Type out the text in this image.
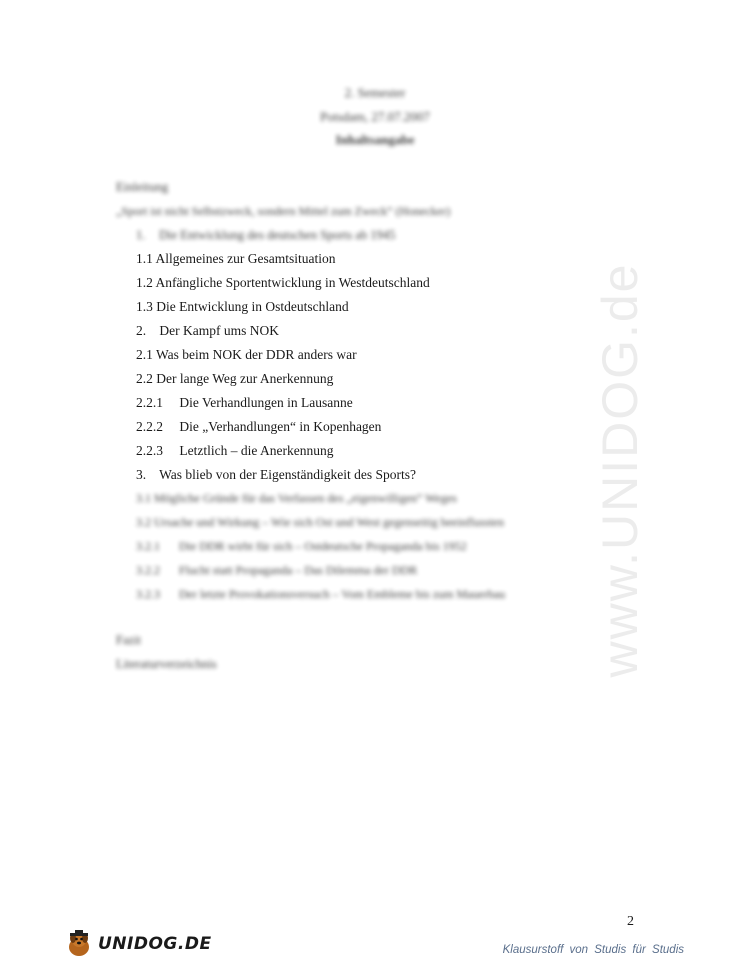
www.UNIDOG.de
2. Semester
Potsdam, 27.07.2007
Inhaltsangabe
Einleitung
„Sport ist nicht Selbstzweck, sondern Mittel zum Zweck“ (Honecker)
1. Die Entwicklung des deutschen Sports ab 1945
1.1 Allgemeines zur Gesamtsituation
1.2 Anfängliche Sportentwicklung in Westdeutschland
1.3 Die Entwicklung in Ostdeutschland
2. Der Kampf ums NOK
2.1 Was beim NOK der DDR anders war
2.2 Der lange Weg zur Anerkennung
2.2.1 Die Verhandlungen in Lausanne
2.2.2 Die „Verhandlungen“ in Kopenhagen
2.2.3 Letztlich – die Anerkennung
3. Was blieb von der Eigenständigkeit des Sports?
3.1 Mögliche Gründe für das Verfassen des „eigenwilligen“ Weges
3.2 Ursache und Wirkung – Wie sich Ost und West gegenseitig beeinflussten
3.2.1 Die DDR wirbt für sich – Ostdeutsche Propaganda bis 1952
3.2.2 Flucht statt Propaganda – Das Dilemma der DDR
3.2.3 Der letzte Provokationsversuch – Vom Embleme bis zum Mauerbau
Fazit
Literaturverzeichnis
2
UNIDOG.DE	Klausurstoff von Studis für Studis
